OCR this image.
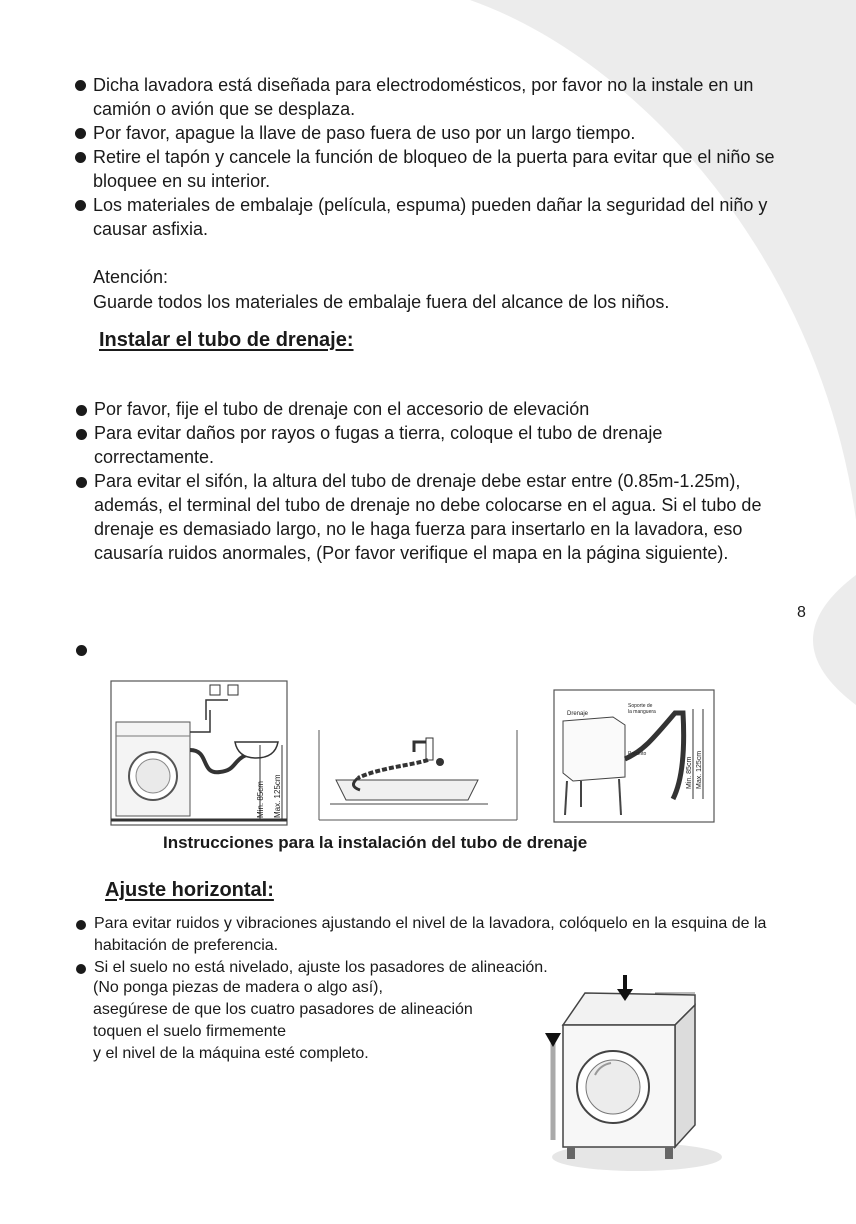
Dicha lavadora está diseñada para electrodomésticos, por favor no la instale en un camión o avión que se desplaza.
Por favor, apague la llave de paso fuera de uso por un largo tiempo.
Retire el tapón y cancele la función de bloqueo de la puerta para evitar que el niño se bloquee en su interior.
Los materiales de embalaje (película, espuma) pueden dañar la seguridad del niño y causar asfixia.
Atención:
Guarde todos los materiales de embalaje fuera del alcance de los niños.
Instalar el tubo de drenaje:
Por favor, fije el tubo de drenaje con el accesorio de elevación
Para evitar daños por rayos o fugas a tierra, coloque el tubo de drenaje correctamente.
Para evitar el sifón, la altura del tubo de drenaje debe estar entre (0.85m-1.25m), además, el terminal del tubo de drenaje no debe colocarse en el agua. Si el tubo de drenaje es demasiado largo, no le haga fuerza para insertarlo en la lavadora, eso causaría ruidos anormales, (Por favor verifique el mapa en la página siguiente).
8
Min. 85cm Max. 125cm
Drenaje
Soporte de
la manguera
Precinto
Min. 85cm Max. 125cm
Instrucciones para la instalación del tubo de drenaje
Ajuste horizontal:
Para evitar ruidos y vibraciones ajustando el nivel de la lavadora, colóquelo en la esquina de la habitación de preferencia.
Si el suelo no está nivelado, ajuste los pasadores de alineación.
(No ponga piezas de madera o algo así),
asegúrese de que los cuatro pasadores de alineación
toquen el suelo firmemente
y el nivel de la máquina esté completo.
